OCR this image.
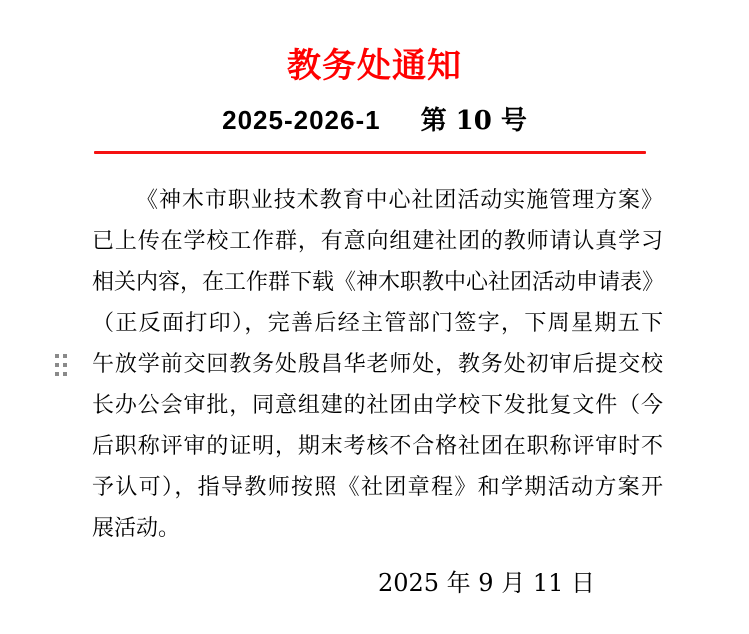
教务处通知
2025-2026-1 第 10 号
《神木市职业技术教育中心社团活动实施管理方案》
已上传在学校工作群，有意向组建社团的教师请认真学习
相关内容，在工作群下载《神木职教中心社团活动申请表》
（正反面打印），完善后经主管部门签字，下周星期五下
午放学前交回教务处殷昌华老师处，教务处初审后提交校
长办公会审批，同意组建的社团由学校下发批复文件（今
后职称评审的证明，期末考核不合格社团在职称评审时不
予认可），指导教师按照《社团章程》和学期活动方案开
展活动。
2025 年 9 月 11 日
